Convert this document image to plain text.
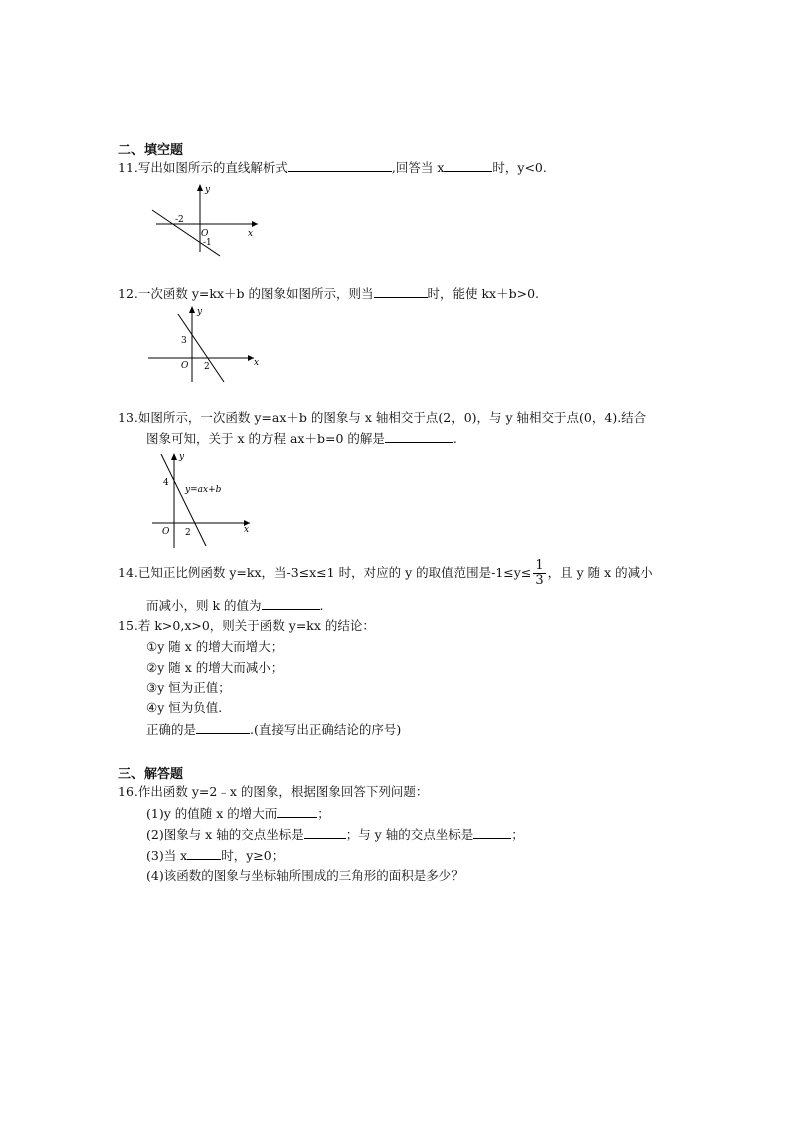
二、填空题
11.写出如图所示的直线解析式	,回答当 x	时，y<0.
-2
O
-1
x
y
12.一次函数 y=kx＋b 的图象如图所示，则当	时，能使 kx＋b>0.
3
O 2	x
y
13.如图所示，一次函数 y=ax＋b 的图象与 x 轴相交于点(2，0)，与 y 轴相交于点(0，4).结合
图象可知，关于 x 的方程 ax＋b=0 的解是	.
4
y=ax+b
O 2	x
y
14.已知正比例函数 y=kx，当-3≤x≤1 时，对应的 y 的取值范围是$-1\le y\le \frac{1}{3}$ ，且 y 随 x 的减小
而减小，则 k 的值为	.
15.若 k>0,x>0，则关于函数 y=kx 的结论：
①y 随 x 的增大而增大；
②y 随 x 的增大而减小；
③y 恒为正值；
④y 恒为负值.
正确的是	.(直接写出正确结论的序号)
三、解答题
16.作出函数 y=2﹣x 的图象，根据图象回答下列问题：
(1)y 的值随 x 的增大而	；
(2)图象与 x 轴的交点坐标是	；与 y 轴的交点坐标是	；
(3)当 x	时，y≥0；
(4)该函数的图象与坐标轴所围成的三角形的面积是多少？
